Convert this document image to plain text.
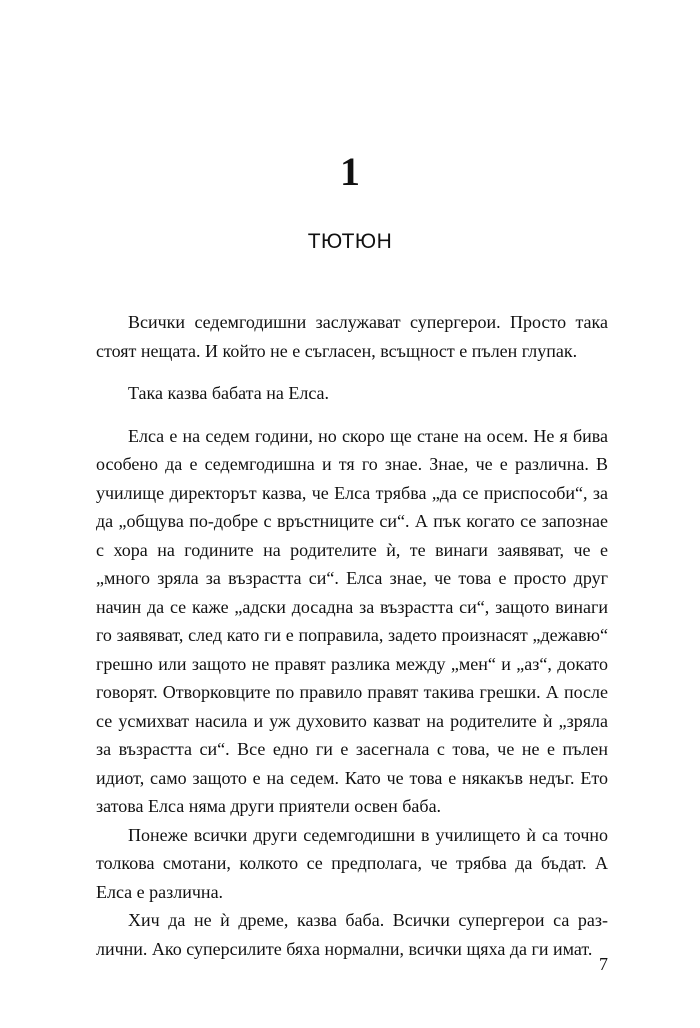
1
ТЮТЮН

Всички седемгодишни заслужават супергерои. Просто така стоят нещата. И който не е съгласен, всъщност е пълен глупак.

Така казва бабата на Елса.

Елса е на седем години, но скоро ще стане на осем. Не я бива особено да е седемгодишна и тя го знае. Знае, че е различна. В училище директорът казва, че Елса трябва „да се приспособи“, за да „общува по-добре с връстниците си“. А пък когато се запознае с хора на годините на родителите ѝ, те винаги заявяват, че е „много зряла за възрастта си“. Елса знае, че това е просто друг начин да се каже „адски досадна за възрастта си“, защото винаги го заявяват, след като ги е поправила, задето произнасят „дежавю“ грешно или защото не правят разлика между „мен“ и „аз“, докато говорят. Отворковците по правило правят такива грешки. А после се усмихват насила и уж духовито казват на родителите ѝ „зряла за възрастта си“. Все едно ги е засегнала с това, че не е пълен идиот, само защото е на седем. Като че това е някакъв недъг. Ето затова Елса няма други приятели освен баба.

Понеже всички други седемгодишни в училището ѝ са точно толкова смотани, колкото се предполага, че трябва да бъдат. А Елса е различна.

Хич да не ѝ дреме, казва баба. Всички супергерои са различни. Ако суперсилите бяха нормални, всички щяха да ги имат.

7
